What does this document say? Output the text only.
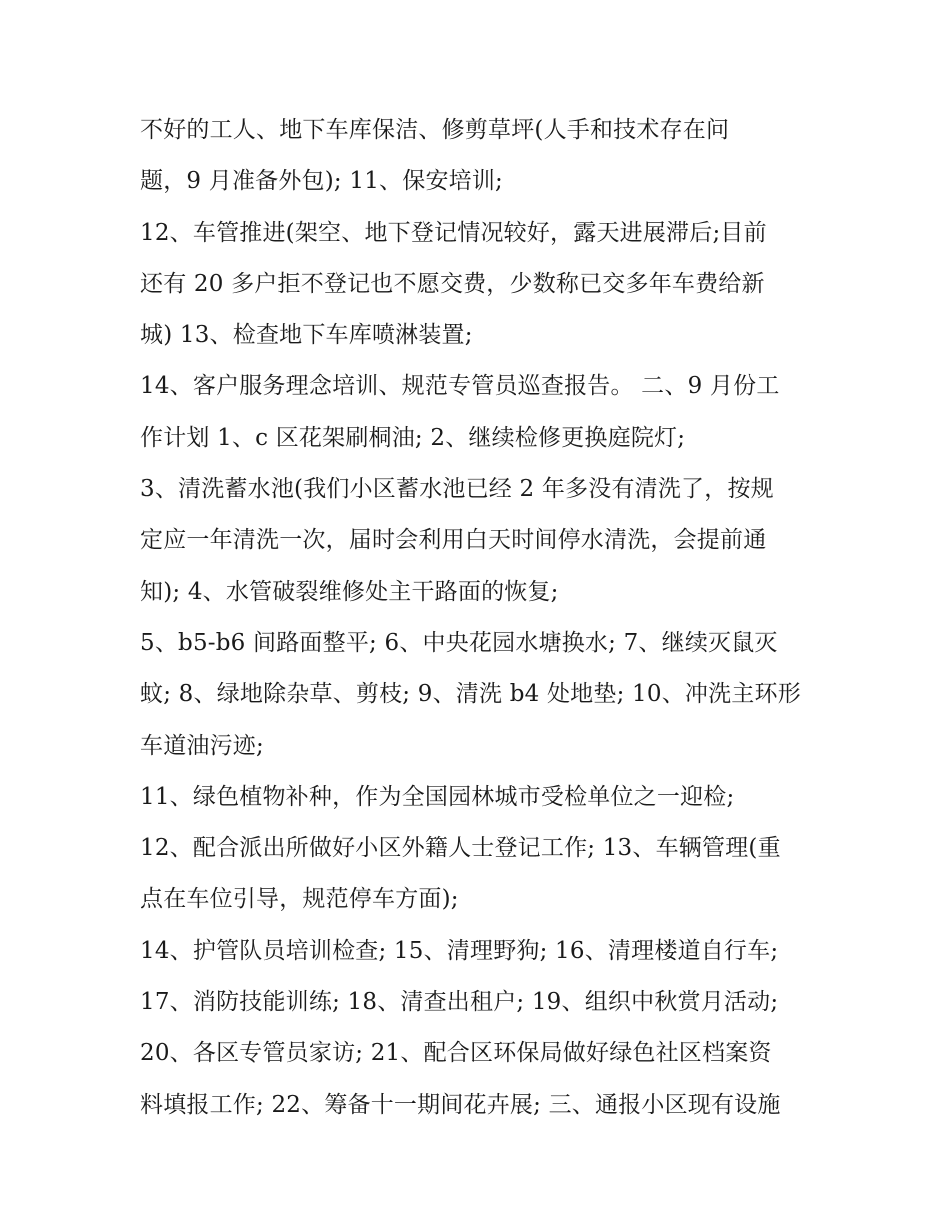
不好的工人、地下车库保洁、修剪草坪(人手和技术存在问
题，9 月准备外包); 11、保安培训;
12、车管推进(架空、地下登记情况较好，露天进展滞后;目前
还有 20 多户拒不登记也不愿交费，少数称已交多年车费给新
城) 13、检查地下车库喷淋装置;
14、客户服务理念培训、规范专管员巡查报告。 二、9 月份工
作计划 1、c 区花架刷桐油; 2、继续检修更换庭院灯;
3、清洗蓄水池(我们小区蓄水池已经 2 年多没有清洗了，按规
定应一年清洗一次，届时会利用白天时间停水清洗，会提前通
知); 4、水管破裂维修处主干路面的恢复;
5、b5-b6 间路面整平; 6、中央花园水塘换水; 7、继续灭鼠灭
蚊; 8、绿地除杂草、剪枝; 9、清洗 b4 处地垫; 10、冲洗主环形
车道油污迹;
11、绿色植物补种，作为全国园林城市受检单位之一迎检;
12、配合派出所做好小区外籍人士登记工作; 13、车辆管理(重
点在车位引导，规范停车方面);
14、护管队员培训检查; 15、清理野狗; 16、清理楼道自行车;
17、消防技能训练; 18、清查出租户; 19、组织中秋赏月活动;
20、各区专管员家访; 21、配合区环保局做好绿色社区档案资
料填报工作; 22、筹备十一期间花卉展; 三、通报小区现有设施
